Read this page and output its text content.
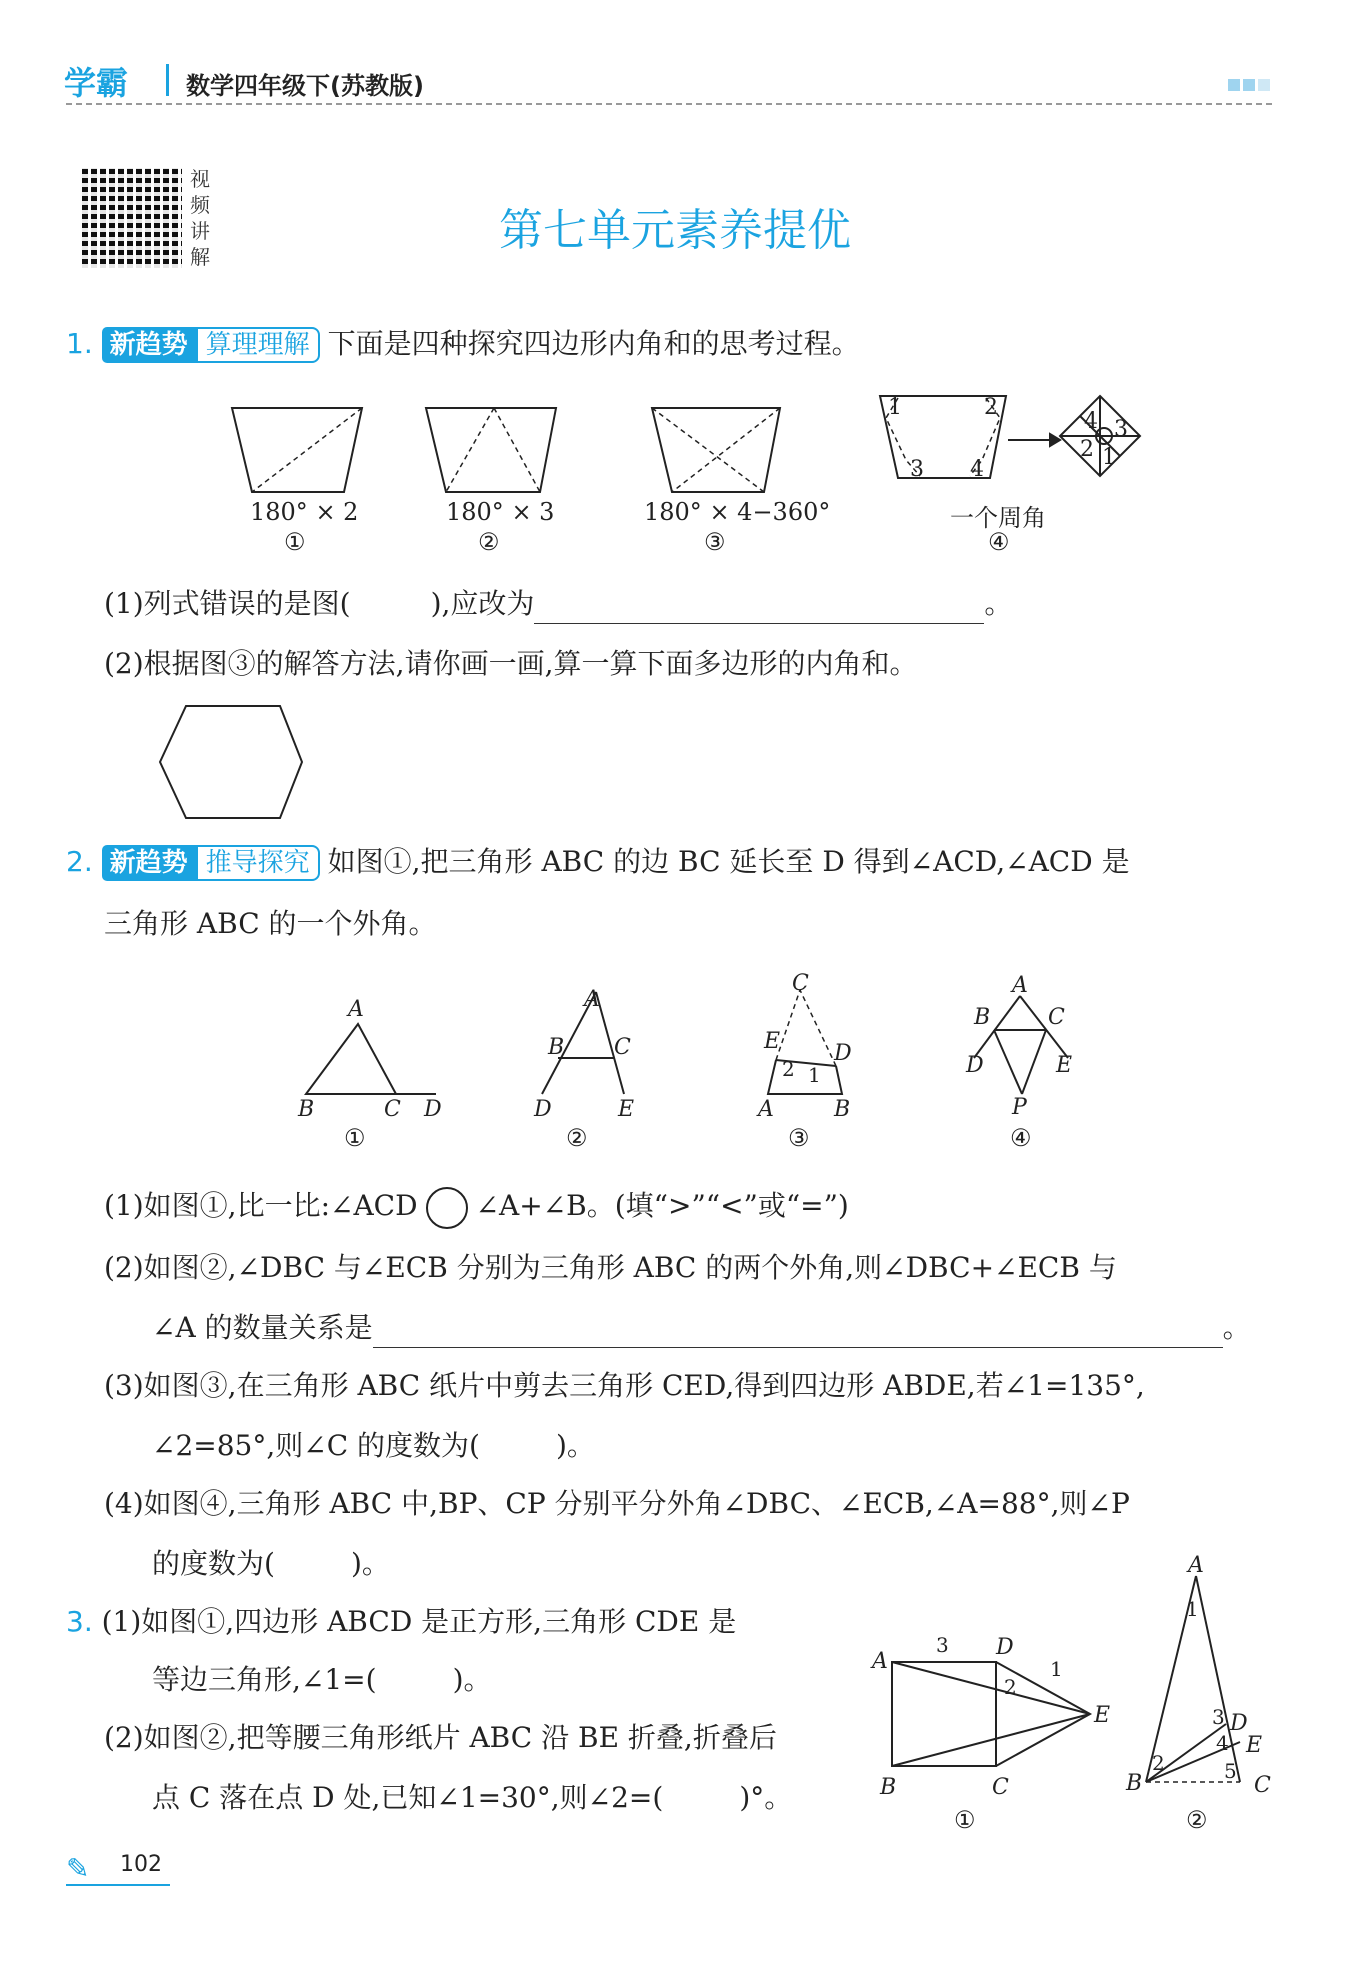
学霸 数学四年级下(苏教版)
视
频
讲
解
第七单元素养提优
1. 新趋势 算理理解 下面是四种探究四边形内角和的思考过程。
1	2
3 4
4 3
2 1
180° × 2	180° × 3	180° × 4−360°	一个周角
①	②	③	④
(1)列式错误的是图(	),应改为	。
(2)根据图③的解答方法,请你画一画,算一算下面多边形的内角和。
2. 新趋势 推导探究 如图①,把三角形 ABC 的边 BC 延长至 D 得到∠ACD,∠ACD 是
三角形 ABC 的一个外角。
A
B	C D
A
B C
D	E
C
E D
A	B
A
B	C
D	E
P
2 1
①	②	③	④
(1)如图①,比一比:∠ACD ∠A+∠B。(填“>”“<”或“=”)
(2)如图②,∠DBC 与∠ECB 分别为三角形 ABC 的两个外角,则∠DBC+∠ECB 与
∠A 的数量关系是	。
(3)如图③,在三角形 ABC 纸片中剪去三角形 CED,得到四边形 ABDE,若∠1=135°,
∠2=85°,则∠C 的度数为(	)。
(4)如图④,三角形 ABC 中,BP、CP 分别平分外角∠DBC、∠ECB,∠A=88°,则∠P
的度数为(	)。
3. (1)如图①,四边形 ABCD 是正方形,三角形 CDE 是
等边三角形,∠1=(	)。
(2)如图②,把等腰三角形纸片 ABC 沿 BE 折叠,折叠后
点 C 落在点 D 处,已知∠1=30°,则∠2=(	)°。
A
D
E
B	C
A
D
E
B	C
3
2
1
1
3
4
2	5
①	②
✎ 102
